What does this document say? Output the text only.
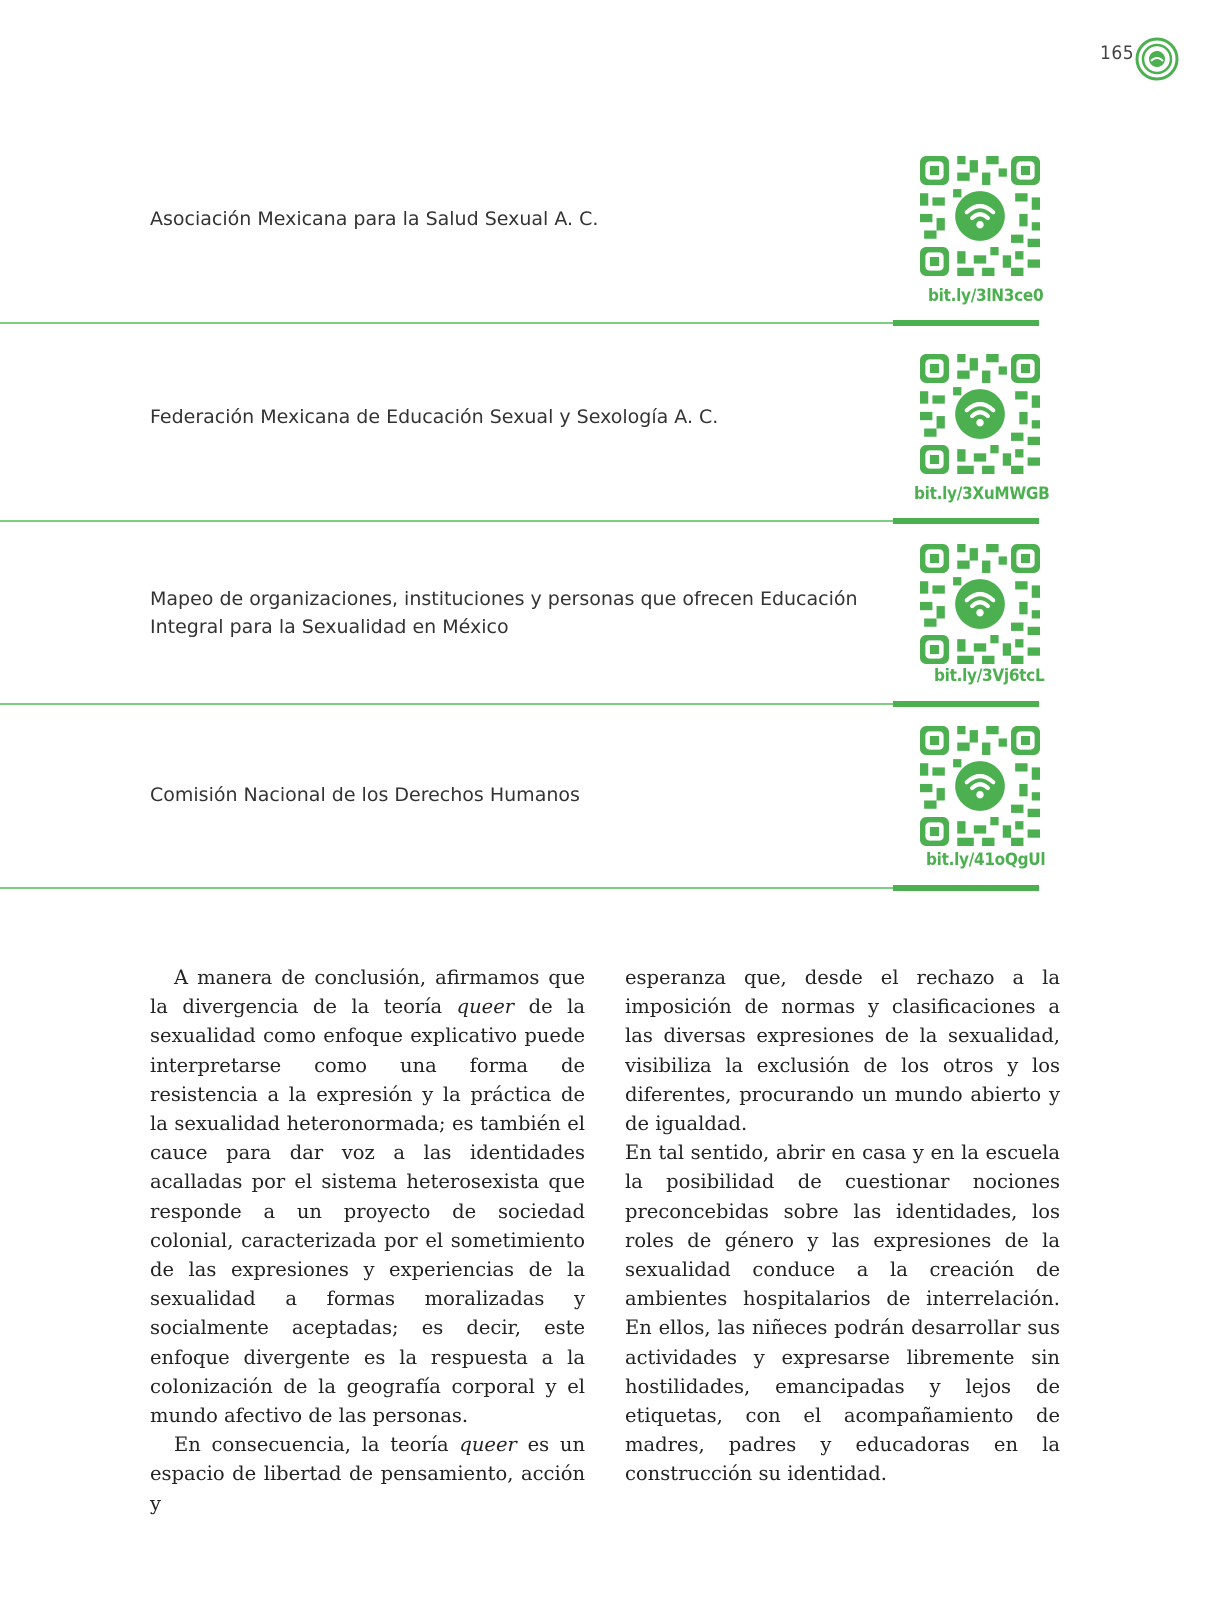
165
Asociación Mexicana para la Salud Sexual A. C.
bit.ly/3lN3ce0
Federación Mexicana de Educación Sexual y Sexología A. C.
bit.ly/3XuMWGB
Mapeo de organizaciones, instituciones y personas que ofrecen Educación Integral para la Sexualidad en México
bit.ly/3Vj6tcL
Comisión Nacional de los Derechos Humanos
bit.ly/41oQgUl

A manera de conclusión, afirmamos que la divergencia de la teoría queer de la sexualidad como enfoque explicativo puede interpretarse como una forma de resistencia a la expresión y la práctica de la sexualidad heteronormada; es también el cauce para dar voz a las identidades acalladas por el sistema heterosexista que responde a un proyecto de sociedad colonial, caracterizada por el sometimiento de las expresiones y experiencias de la sexualidad a formas moralizadas y socialmente aceptadas; es decir, este enfoque divergente es la respuesta a la colonización de la geografía corporal y el mundo afectivo de las personas.

En consecuencia, la teoría queer es un espacio de libertad de pensamiento, acción y

esperanza que, desde el rechazo a la imposición de normas y clasificaciones a las diversas expresiones de la sexualidad, visibiliza la exclusión de los otros y los diferentes, procurando un mundo abierto y de igualdad.

En tal sentido, abrir en casa y en la escuela la posibilidad de cuestionar nociones preconcebidas sobre las identidades, los roles de género y las expresiones de la sexualidad conduce a la creación de ambientes hospitalarios de interrelación. En ellos, las niñeces podrán desarrollar sus actividades y expresarse libremente sin hostilidades, emancipadas y lejos de etiquetas, con el acompañamiento de madres, padres y educadoras en la construcción su identidad.
